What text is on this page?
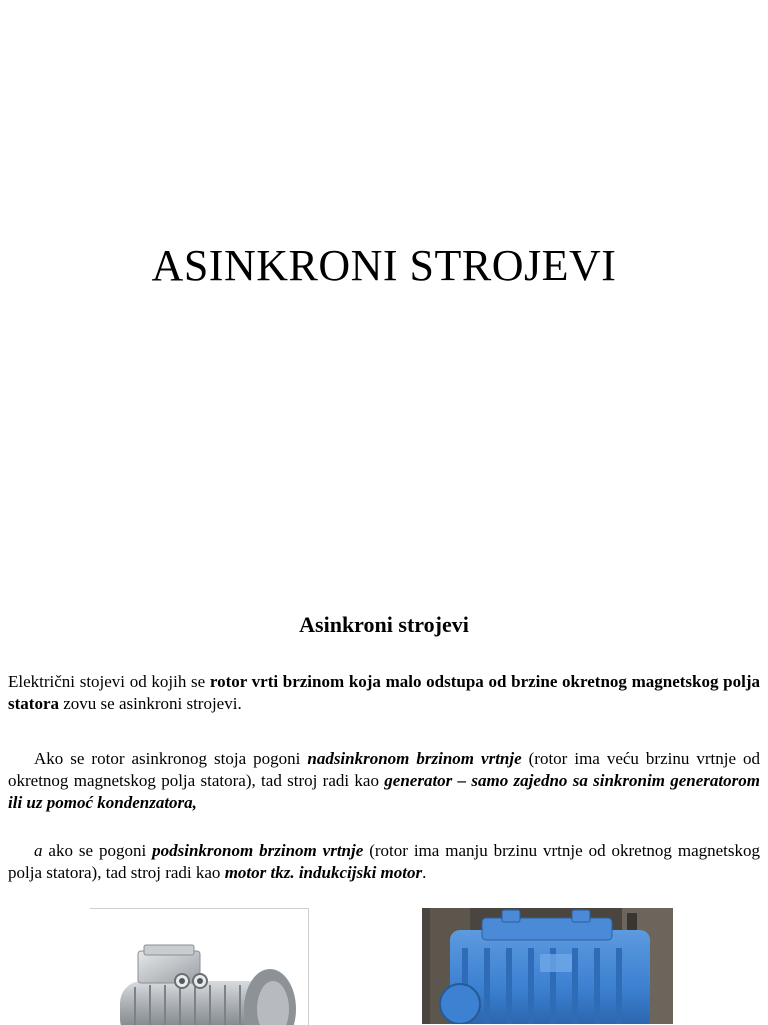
ASINKRONI STROJEVI
Asinkroni strojevi

Električni stojevi od kojih se rotor vrti brzinom koja malo odstupa od brzine okretnog magnetskog polja statora zovu se asinkroni strojevi.

Ako se rotor asinkronog stoja pogoni nadsinkronom brzinom vrtnje (rotor ima veću brzinu vrtnje od okretnog magnetskog polja statora), tad stroj radi kao generator – samo zajedno sa sinkronim generatorom ili uz pomoć kondenzatora,

a ako se pogoni podsinkronom brzinom vrtnje (rotor ima manju brzinu vrtnje od okretnog magnetskog polja statora), tad stroj radi kao motor tkz. indukcijski motor.
